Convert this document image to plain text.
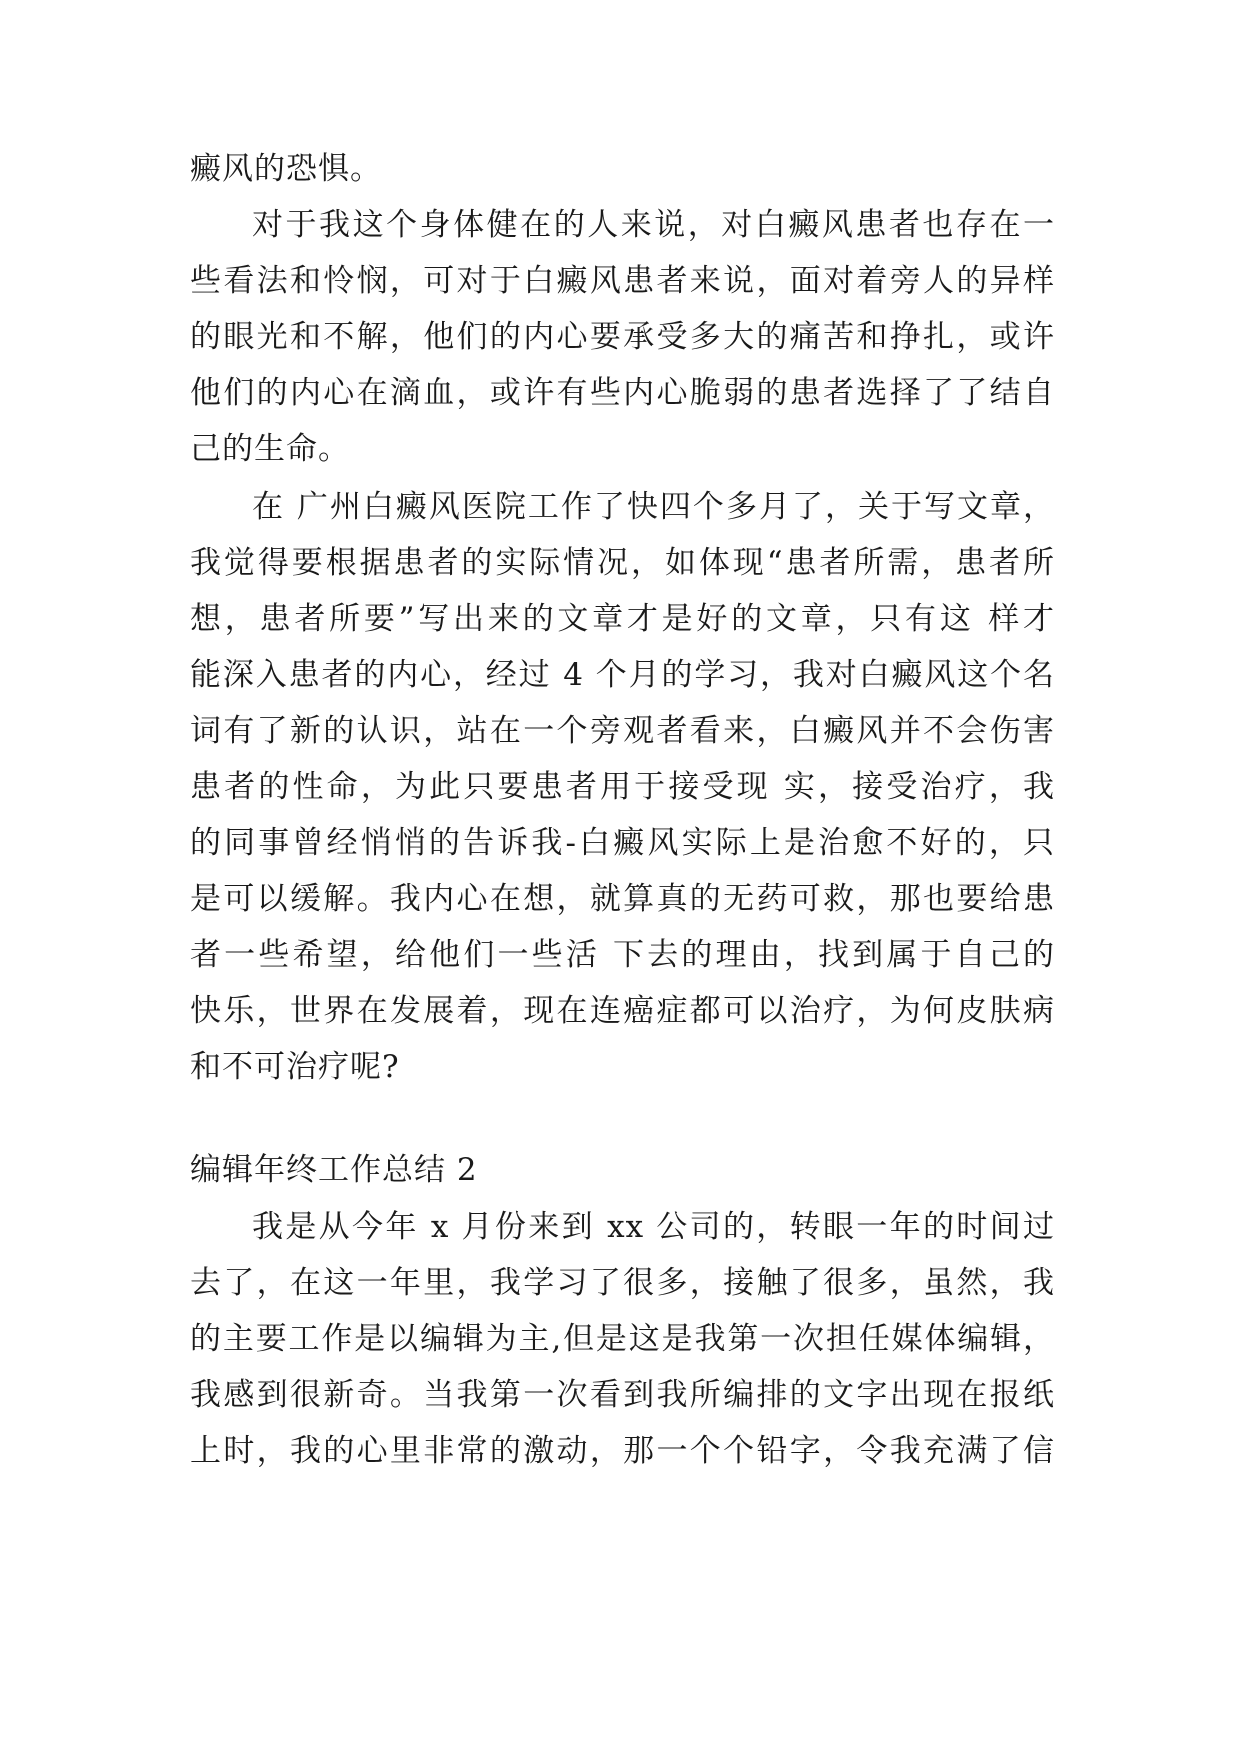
癜风的恐惧。
对于我这个身体健在的人来说，对白癜风患者也存在一
些看法和怜悯，可对于白癜风患者来说，面对着旁人的异样
的眼光和不解，他们的内心要承受多大的痛苦和挣扎，或许
他们的内心在滴血，或许有些内心脆弱的患者选择了了结自
己的生命。
在 广州白癜风医院工作了快四个多月了，关于写文章，
我觉得要根据患者的实际情况，如体现“患者所需，患者所
想，患者所要”写出来的文章才是好的文章，只有这 样才
能深入患者的内心，经过 4 个月的学习，我对白癜风这个名
词有了新的认识，站在一个旁观者看来，白癜风并不会伤害
患者的性命，为此只要患者用于接受现 实，接受治疗，我
的同事曾经悄悄的告诉我-白癜风实际上是治愈不好的，只
是可以缓解。我内心在想，就算真的无药可救，那也要给患
者一些希望，给他们一些活 下去的理由，找到属于自己的
快乐，世界在发展着，现在连癌症都可以治疗，为何皮肤病
和不可治疗呢?
编辑年终工作总结 2
我是从今年 x 月份来到 xx 公司的，转眼一年的时间过
去了，在这一年里，我学习了很多，接触了很多，虽然，我
的主要工作是以编辑为主,但是这是我第一次担任媒体编辑，
我感到很新奇。当我第一次看到我所编排的文字出现在报纸
上时，我的心里非常的激动，那一个个铅字，令我充满了信
